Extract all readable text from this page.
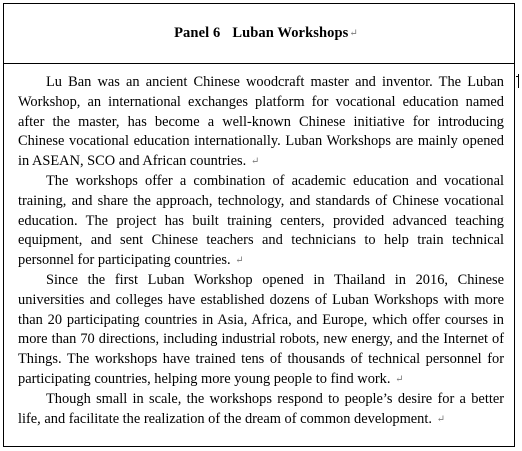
Panel 6 Luban Workshops↵

Lu Ban was an ancient Chinese woodcraft master and inventor. The Luban Workshop, an international exchanges platform for vocational education named after the master, has become a well-known Chinese initiative for introducing Chinese vocational education internationally. Luban Workshops are mainly opened in ASEAN, SCO and African countries. ↵

The workshops offer a combination of academic education and vocational training, and share the approach, technology, and standards of Chinese vocational education. The project has built training centers, provided advanced teaching equipment, and sent Chinese teachers and technicians to help train technical personnel for participating countries. ↵

Since the first Luban Workshop opened in Thailand in 2016, Chinese universities and colleges have established dozens of Luban Workshops with more than 20 participating countries in Asia, Africa, and Europe, which offer courses in more than 70 directions, including industrial robots, new energy, and the Internet of Things. The workshops have trained tens of thousands of technical personnel for participating countries, helping more young people to find work. ↵

Though small in scale, the workshops respond to people’s desire for a better life, and facilitate the realization of the dream of common development. ↵
